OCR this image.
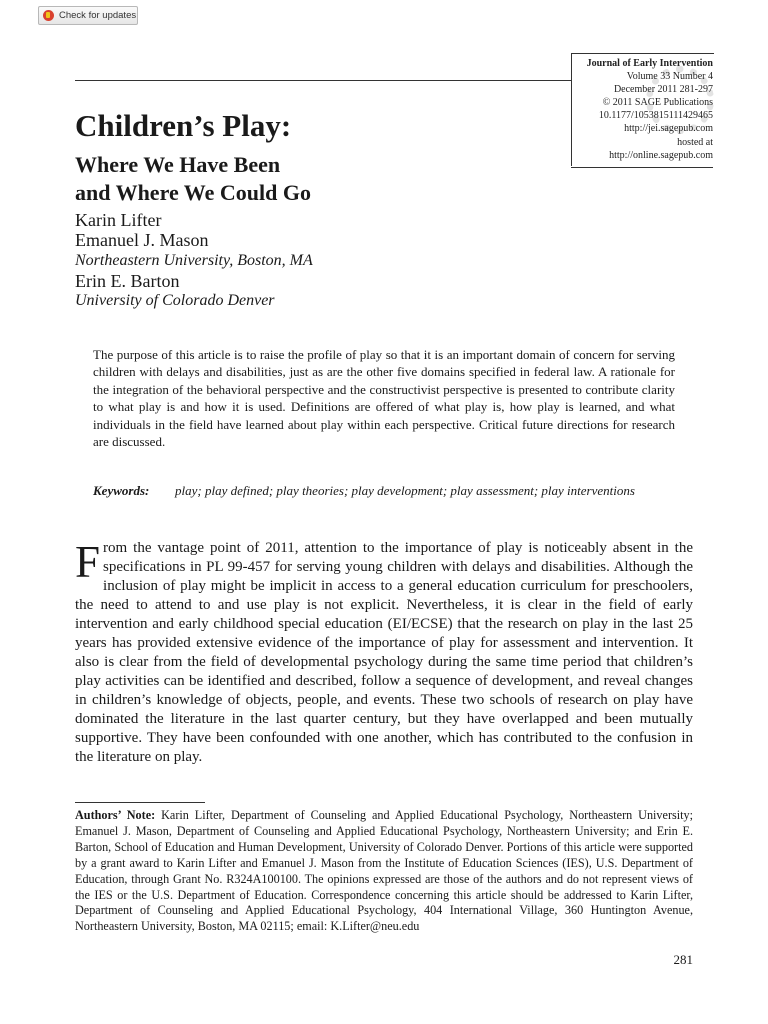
Check for updates
Journal of Early Intervention
Volume 33 Number 4
December 2011 281-297
© 2011 SAGE Publications
10.1177/1053815111429465
http://jei.sagepub.com
hosted at
http://online.sagepub.com
Children’s Play:
Where We Have Been
and Where We Could Go
Karin Lifter
Emanuel J. Mason
Northeastern University, Boston, MA
Erin E. Barton
University of Colorado Denver
The purpose of this article is to raise the profile of play so that it is an important domain of concern for serving children with delays and disabilities, just as are the other five domains specified in federal law. A rationale for the integration of the behavioral perspective and the constructivist perspective is presented to contribute clarity to what play is and how it is used. Definitions are offered of what play is, how play is learned, and what individuals in the field have learned about play within each perspective. Critical future directions for research are discussed.
Keywords:	play; play defined; play theories; play development; play assessment; play interventions
From the vantage point of 2011, attention to the importance of play is noticeably absent in the specifications in PL 99-457 for serving young children with delays and disabilities. Although the inclusion of play might be implicit in access to a general education curriculum for preschoolers, the need to attend to and use play is not explicit. Nevertheless, it is clear in the field of early intervention and early childhood special education (EI/ECSE) that the research on play in the last 25 years has provided extensive evidence of the importance of play for assessment and intervention. It also is clear from the field of developmental psychology during the same time period that children’s play activities can be identified and described, follow a sequence of development, and reveal changes in children’s knowledge of objects, people, and events. These two schools of research on play have dominated the literature in the last quarter century, but they have overlapped and been mutually supportive. They have been confounded with one another, which has contributed to the confusion in the literature on play.
Authors’ Note: Karin Lifter, Department of Counseling and Applied Educational Psychology, Northeastern University; Emanuel J. Mason, Department of Counseling and Applied Educational Psychology, Northeastern University; and Erin E. Barton, School of Education and Human Development, University of Colorado Denver. Portions of this article were supported by a grant award to Karin Lifter and Emanuel J. Mason from the Institute of Education Sciences (IES), U.S. Department of Education, through Grant No. R324A100100. The opinions expressed are those of the authors and do not represent views of the IES or the U.S. Department of Education. Correspondence concerning this article should be addressed to Karin Lifter, Department of Counseling and Applied Educational Psychology, 404 International Village, 360 Huntington Avenue, Northeastern University, Boston, MA 02115; email: K.Lifter@neu.edu
281
